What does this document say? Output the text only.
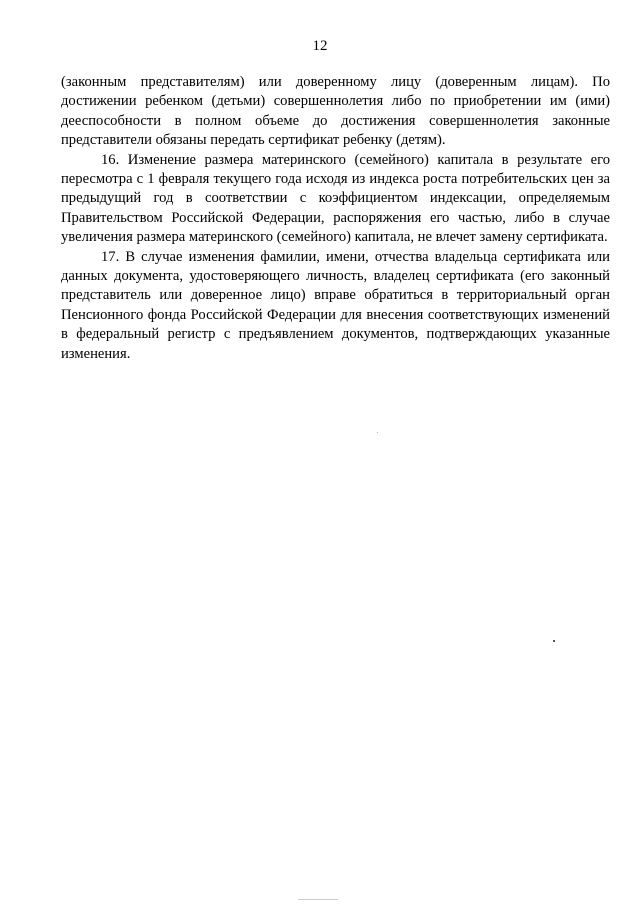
12

(законным представителям) или доверенному лицу (доверенным лицам). По достижении ребенком (детьми) совершеннолетия либо по приобретении им (ими) дееспособности в полном объеме до достижения совершеннолетия законные представители обязаны передать сертификат ребенку (детям).

16. Изменение размера материнского (семейного) капитала в результате его пересмотра с 1 февраля текущего года исходя из индекса роста потребительских цен за предыдущий год в соответствии с коэффициентом индексации, определяемым Правительством Российской Федерации, распоряжения его частью, либо в случае увеличения размера материнского (семейного) капитала, не влечет замену сертификата.

17. В случае изменения фамилии, имени, отчества владельца сертификата или данных документа, удостоверяющего личность, владелец сертификата (его законный представитель или доверенное лицо) вправе обратиться в территориальный орган Пенсионного фонда Российской Федерации для внесения соответствующих изменений в федеральный регистр с предъявлением документов, подтверждающих указанные изменения.
